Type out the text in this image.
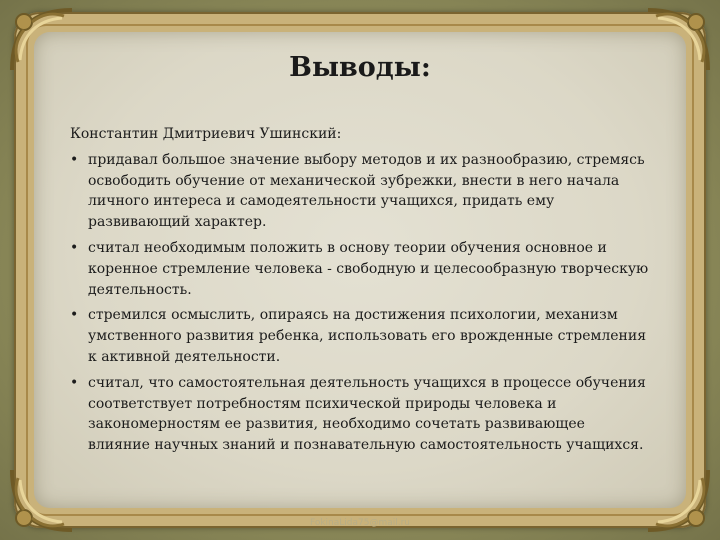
Выводы:

Константин Дмитриевич Ушинский:

• придавал большое значение выбору методов и их разнообразию, стремясь освободить обучение от механической зубрежки, внести в него начала личного интереса и самодеятельности учащихся, придать ему развивающий характер.
• считал необходимым положить в основу теории обучения основное и коренное стремление человека - свободную и целесообразную творческую деятельность.
• стремился осмыслить, опираясь на достижения психологии, механизм умственного развития ребенка, использовать его врожденные стремления к активной деятельности.
• считал, что самостоятельная деятельность учащихся в процессе обучения соответствует потребностям психической природы человека и закономерностям ее развития, необходимо сочетать развивающее влияние научных знаний и познавательную самостоятельность учащихся.
FokinaLida75@mail.ru
